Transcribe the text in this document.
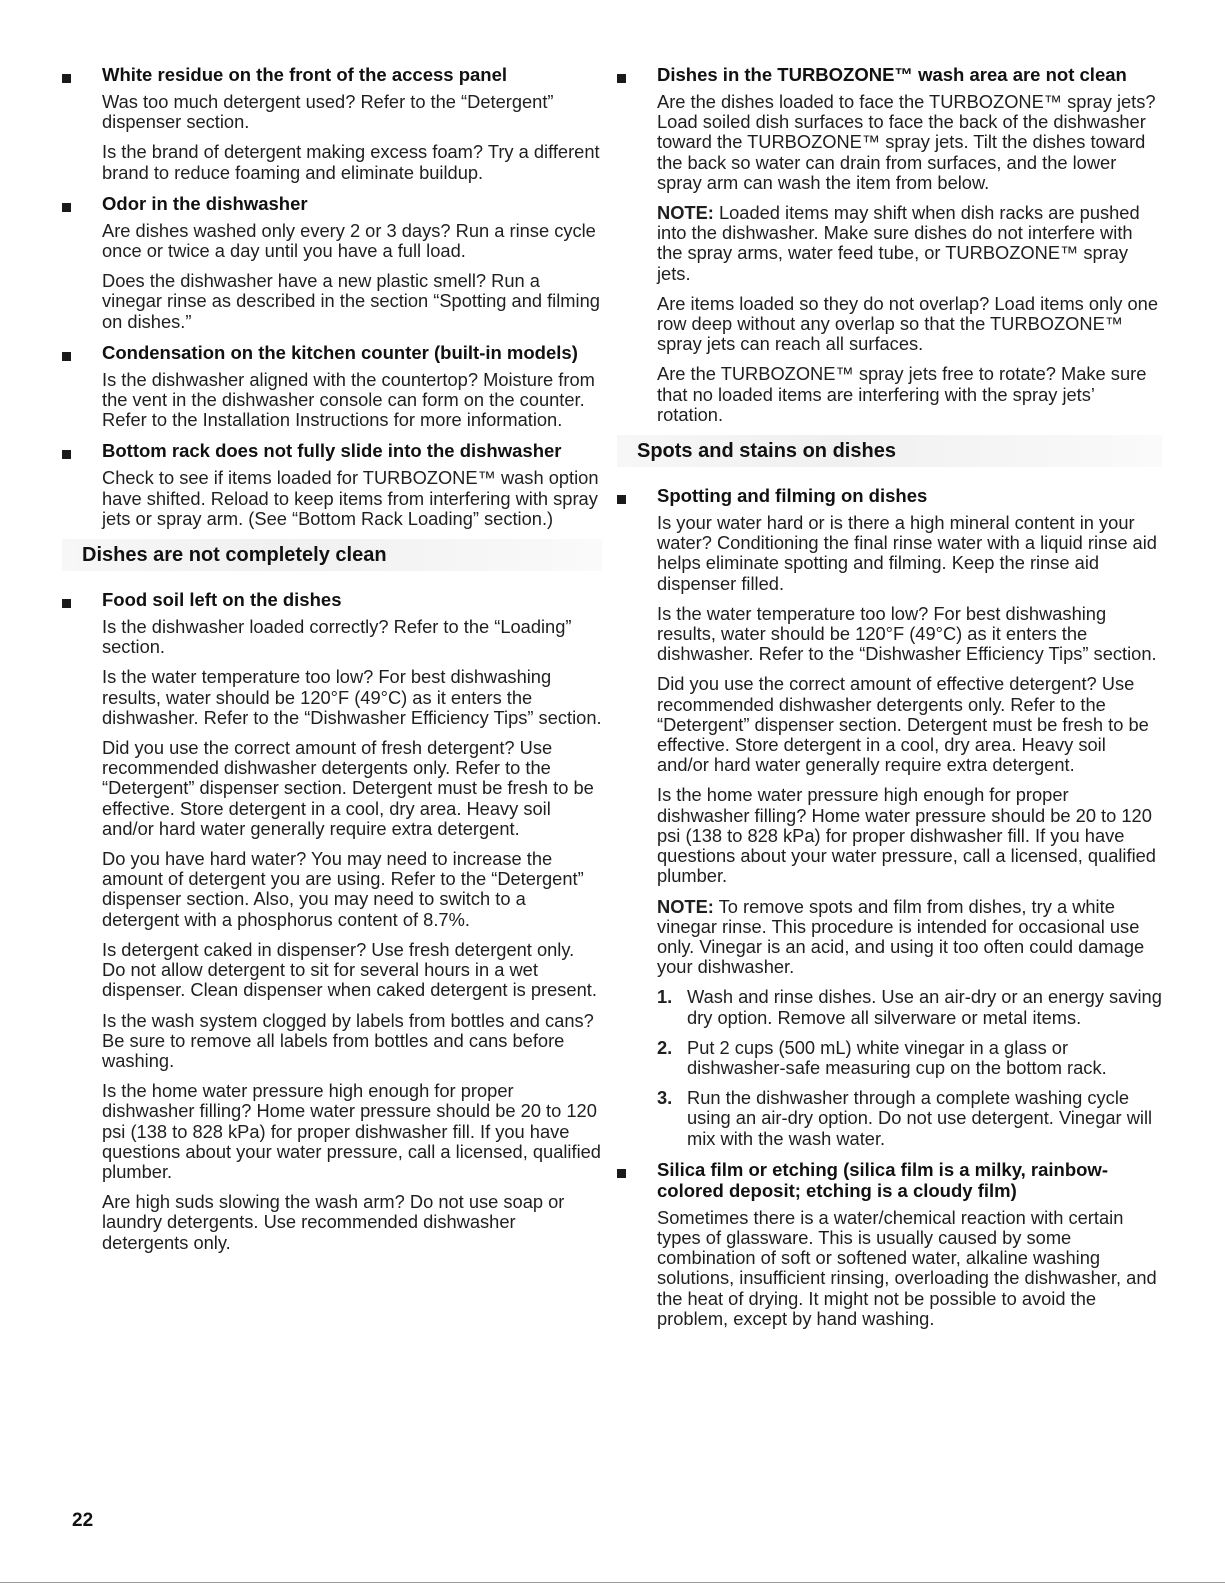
White residue on the front of the access panel

Was too much detergent used? Refer to the “Detergent” dispenser section.

Is the brand of detergent making excess foam? Try a different brand to reduce foaming and eliminate buildup.

Odor in the dishwasher

Are dishes washed only every 2 or 3 days? Run a rinse cycle once or twice a day until you have a full load.

Does the dishwasher have a new plastic smell? Run a vinegar rinse as described in the section “Spotting and filming on dishes.”

Condensation on the kitchen counter (built-in models)

Is the dishwasher aligned with the countertop? Moisture from the vent in the dishwasher console can form on the counter. Refer to the Installation Instructions for more information.

Bottom rack does not fully slide into the dishwasher

Check to see if items loaded for TURBOZONE™ wash option have shifted. Reload to keep items from interfering with spray jets or spray arm. (See “Bottom Rack Loading” section.)

Dishes are not completely clean
Food soil left on the dishes

Is the dishwasher loaded correctly? Refer to the “Loading” section.

Is the water temperature too low? For best dishwashing results, water should be 120°F (49°C) as it enters the dishwasher. Refer to the “Dishwasher Efficiency Tips” section.

Did you use the correct amount of fresh detergent? Use recommended dishwasher detergents only. Refer to the “Detergent” dispenser section. Detergent must be fresh to be effective. Store detergent in a cool, dry area. Heavy soil and/or hard water generally require extra detergent.

Do you have hard water? You may need to increase the amount of detergent you are using. Refer to the “Detergent” dispenser section. Also, you may need to switch to a detergent with a phosphorus content of 8.7%.

Is detergent caked in dispenser? Use fresh detergent only. Do not allow detergent to sit for several hours in a wet dispenser. Clean dispenser when caked detergent is present.

Is the wash system clogged by labels from bottles and cans? Be sure to remove all labels from bottles and cans before washing.

Is the home water pressure high enough for proper dishwasher filling? Home water pressure should be 20 to 120 psi (138 to 828 kPa) for proper dishwasher fill. If you have questions about your water pressure, call a licensed, qualified plumber.

Are high suds slowing the wash arm? Do not use soap or laundry detergents. Use recommended dishwasher detergents only.

Dishes in the TURBOZONE™ wash area are not clean

Are the dishes loaded to face the TURBOZONE™ spray jets? Load soiled dish surfaces to face the back of the dishwasher toward the TURBOZONE™ spray jets. Tilt the dishes toward the back so water can drain from surfaces, and the lower spray arm can wash the item from below.

NOTE: Loaded items may shift when dish racks are pushed into the dishwasher. Make sure dishes do not interfere with the spray arms, water feed tube, or TURBOZONE™ spray jets.

Are items loaded so they do not overlap? Load items only one row deep without any overlap so that the TURBOZONE™ spray jets can reach all surfaces.

Are the TURBOZONE™ spray jets free to rotate? Make sure that no loaded items are interfering with the spray jets’ rotation.

Spots and stains on dishes
Spotting and filming on dishes

Is your water hard or is there a high mineral content in your water? Conditioning the final rinse water with a liquid rinse aid helps eliminate spotting and filming. Keep the rinse aid dispenser filled.

Is the water temperature too low? For best dishwashing results, water should be 120°F (49°C) as it enters the dishwasher. Refer to the “Dishwasher Efficiency Tips” section.

Did you use the correct amount of effective detergent? Use recommended dishwasher detergents only. Refer to the “Detergent” dispenser section. Detergent must be fresh to be effective. Store detergent in a cool, dry area. Heavy soil and/or hard water generally require extra detergent.

Is the home water pressure high enough for proper dishwasher filling? Home water pressure should be 20 to 120 psi (138 to 828 kPa) for proper dishwasher fill. If you have questions about your water pressure, call a licensed, qualified plumber.

NOTE: To remove spots and film from dishes, try a white vinegar rinse. This procedure is intended for occasional use only. Vinegar is an acid, and using it too often could damage your dishwasher.

1. Wash and rinse dishes. Use an air-dry or an energy saving dry option. Remove all silverware or metal items.
2. Put 2 cups (500 mL) white vinegar in a glass or dishwasher-safe measuring cup on the bottom rack.
3. Run the dishwasher through a complete washing cycle using an air-dry option. Do not use detergent. Vinegar will mix with the wash water.
Silica film or etching (silica film is a milky, rainbow-colored deposit; etching is a cloudy film)

Sometimes there is a water/chemical reaction with certain types of glassware. This is usually caused by some combination of soft or softened water, alkaline washing solutions, insufficient rinsing, overloading the dishwasher, and the heat of drying. It might not be possible to avoid the problem, except by hand washing.

22
